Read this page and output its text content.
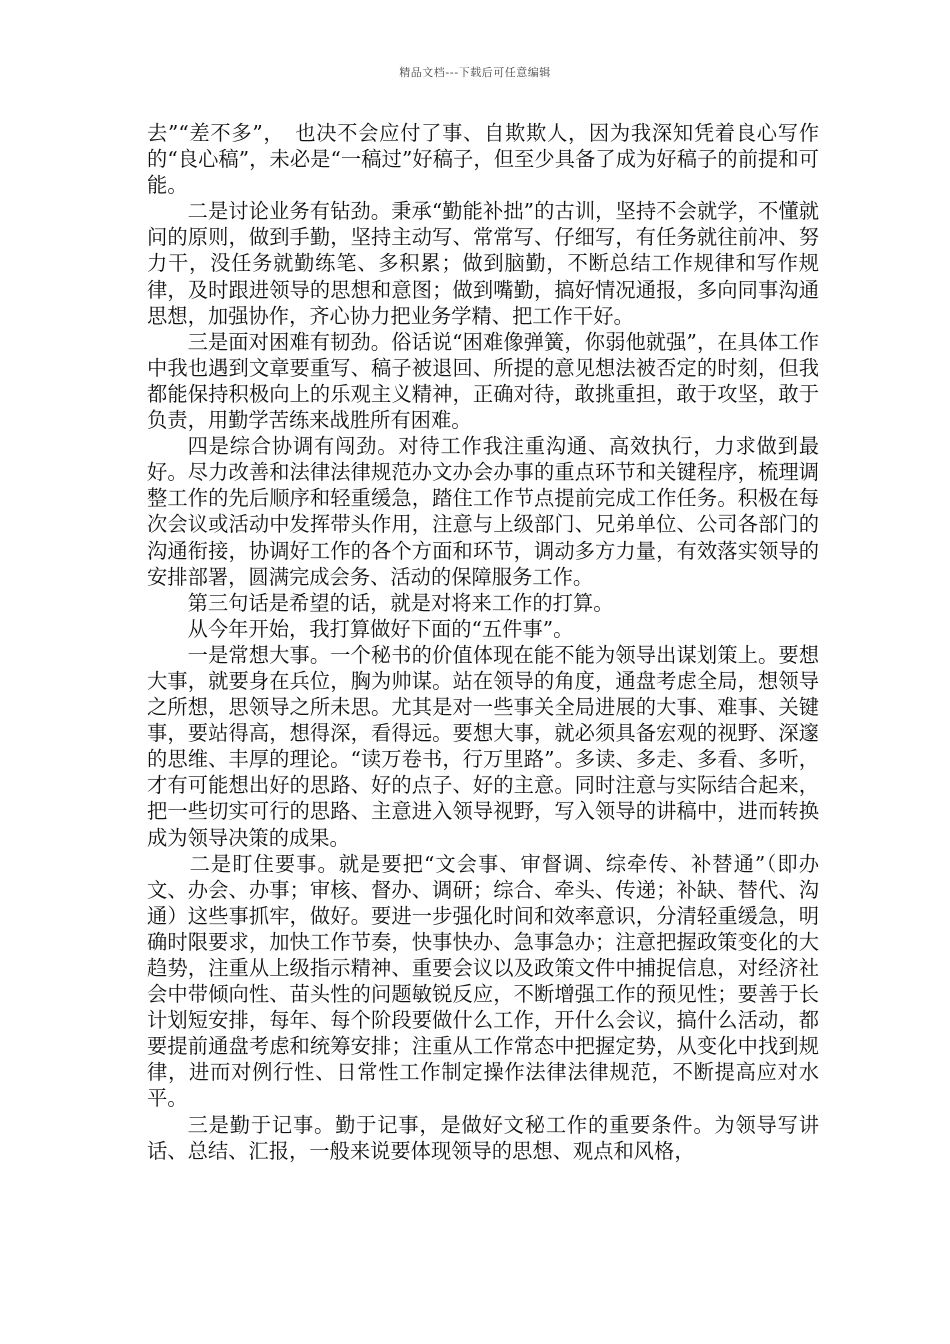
精品文档---下载后可任意编辑

去”“差不多”，　也决不会应付了事、自欺欺人，因为我深知凭着良心写作的“良心稿”，未必是“一稿过”好稿子，但至少具备了成为好稿子的前提和可能。

二是讨论业务有钻劲。秉承“勤能补拙”的古训，坚持不会就学，不懂就问的原则，做到手勤，坚持主动写、常常写、仔细写，有任务就往前冲、努力干，没任务就勤练笔、多积累；做到脑勤，不断总结工作规律和写作规律，及时跟进领导的思想和意图；做到嘴勤，搞好情况通报，多向同事沟通思想，加强协作，齐心协力把业务学精、把工作干好。

三是面对困难有韧劲。俗话说“困难像弹簧，你弱他就强”，在具体工作中我也遇到文章要重写、稿子被退回、所提的意见想法被否定的时刻，但我都能保持积极向上的乐观主义精神，正确对待，敢挑重担，敢于攻坚，敢于负责，用勤学苦练来战胜所有困难。

四是综合协调有闯劲。对待工作我注重沟通、高效执行，力求做到最好。尽力改善和法律法律规范办文办会办事的重点环节和关键程序，梳理调整工作的先后顺序和轻重缓急，踏住工作节点提前完成工作任务。积极在每次会议或活动中发挥带头作用，注意与上级部门、兄弟单位、公司各部门的沟通衔接，协调好工作的各个方面和环节，调动多方力量，有效落实领导的安排部署，圆满完成会务、活动的保障服务工作。

第三句话是希望的话，就是对将来工作的打算。

从今年开始，我打算做好下面的“五件事”。

一是常想大事。一个秘书的价值体现在能不能为领导出谋划策上。要想大事，就要身在兵位，胸为帅谋。站在领导的角度，通盘考虑全局，想领导之所想，思领导之所未思。尤其是对一些事关全局进展的大事、难事、关键事，要站得高，想得深，看得远。要想大事，就必须具备宏观的视野、深邃的思维、丰厚的理论。“读万卷书，行万里路”。多读、多走、多看、多听，才有可能想出好的思路、好的点子、好的主意。同时注意与实际结合起来，把一些切实可行的思路、主意进入领导视野，写入领导的讲稿中，进而转换成为领导决策的成果。

二是盯住要事。就是要把“文会事、审督调、综牵传、补替通”（即办文、办会、办事；审核、督办、调研；综合、牵头、传递；补缺、替代、沟通）这些事抓牢，做好。要进一步强化时间和效率意识，分清轻重缓急，明确时限要求，加快工作节奏，快事快办、急事急办；注意把握政策变化的大趋势，注重从上级指示精神、重要会议以及政策文件中捕捉信息，对经济社会中带倾向性、苗头性的问题敏锐反应，不断增强工作的预见性；要善于长计划短安排，每年、每个阶段要做什么工作，开什么会议，搞什么活动，都要提前通盘考虑和统筹安排；注重从工作常态中把握定势，从变化中找到规律，进而对例行性、日常性工作制定操作法律法律规范，不断提高应对水平。

三是勤于记事。勤于记事，是做好文秘工作的重要条件。为领导写讲话、总结、汇报，一般来说要体现领导的思想、观点和风格，
